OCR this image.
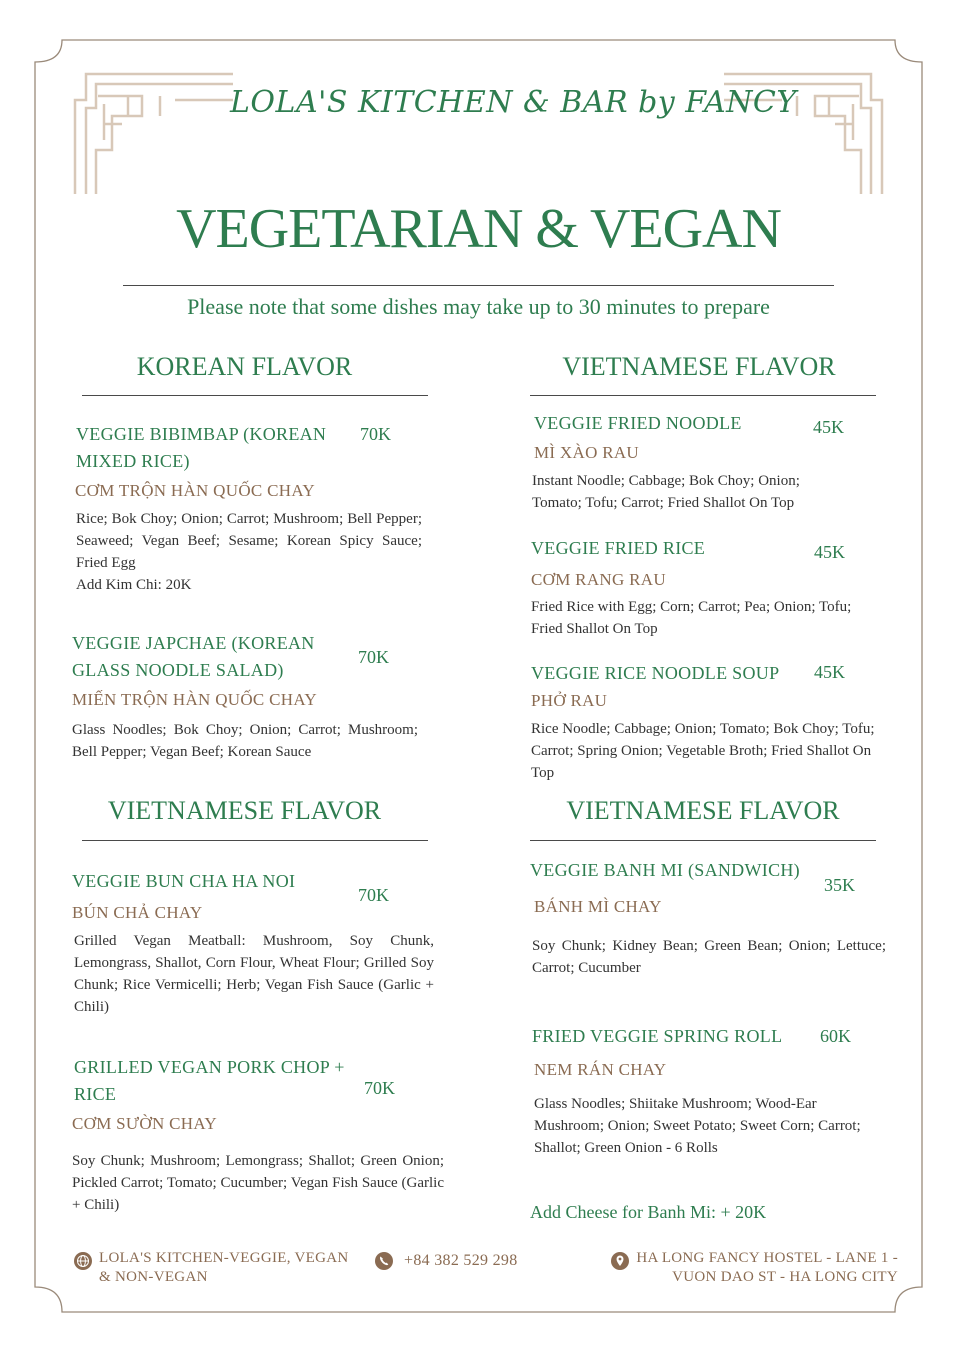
LOLA'S KITCHEN & BAR by FANCY
VEGETARIAN & VEGAN
Please note that some dishes may take up to 30 minutes to prepare
KOREAN FLAVOR
VEGGIE BIBIMBAP (KOREAN MIXED RICE)
70K
CƠM TRỘN HÀN QUỐC CHAY
Rice; Bok Choy; Onion; Carrot; Mushroom; Bell Pepper; Seaweed; Vegan Beef; Sesame; Korean Spicy Sauce; Fried Egg
Add Kim Chi: 20K
VEGGIE JAPCHAE (KOREAN GLASS NOODLE SALAD)
70K
MIẾN TRỘN HÀN QUỐC CHAY
Glass Noodles; Bok Choy; Onion; Carrot; Mushroom; Bell Pepper; Vegan Beef; Korean Sauce
VIETNAMESE FLAVOR
VEGGIE FRIED NOODLE	45K
MÌ XÀO RAU
Instant Noodle; Cabbage; Bok Choy; Onion; Tomato; Tofu; Carrot; Fried Shallot On Top
VEGGIE FRIED RICE	45K
CƠM RANG RAU
Fried Rice with Egg; Corn; Carrot; Pea; Onion; Tofu; Fried Shallot On Top
VEGGIE RICE NOODLE SOUP	45K
PHỞ RAU
Rice Noodle; Cabbage; Onion; Tomato; Bok Choy; Tofu; Carrot; Spring Onion; Vegetable Broth; Fried Shallot On Top
VIETNAMESE FLAVOR
VEGGIE BUN CHA HA NOI
70K
BÚN CHẢ CHAY
Grilled Vegan Meatball: Mushroom, Soy Chunk, Lemongrass, Shallot, Corn Flour, Wheat Flour; Grilled Soy Chunk; Rice Vermicelli; Herb; Vegan Fish Sauce (Garlic + Chili)
GRILLED VEGAN PORK CHOP + RICE	70K
CƠM SƯỜN CHAY
Soy Chunk; Mushroom; Lemongrass; Shallot; Green Onion; Pickled Carrot; Tomato; Cucumber; Vegan Fish Sauce (Garlic + Chili)
VIETNAMESE FLAVOR
VEGGIE BANH MI (SANDWICH)
35K
BÁNH MÌ CHAY
Soy Chunk; Kidney Bean; Green Bean; Onion; Lettuce; Carrot; Cucumber
FRIED VEGGIE SPRING ROLL	60K
NEM RÁN CHAY
Glass Noodles; Shiitake Mushroom; Wood-Ear Mushroom; Onion; Sweet Potato; Sweet Corn; Carrot; Shallot; Green Onion - 6 Rolls
Add Cheese for Banh Mi: + 20K
LOLA'S KITCHEN-VEGGIE, VEGAN & NON-VEGAN
+84 382 529 298	HA LONG FANCY HOSTEL - LANE 1 - VUON DAO ST - HA LONG CITY
